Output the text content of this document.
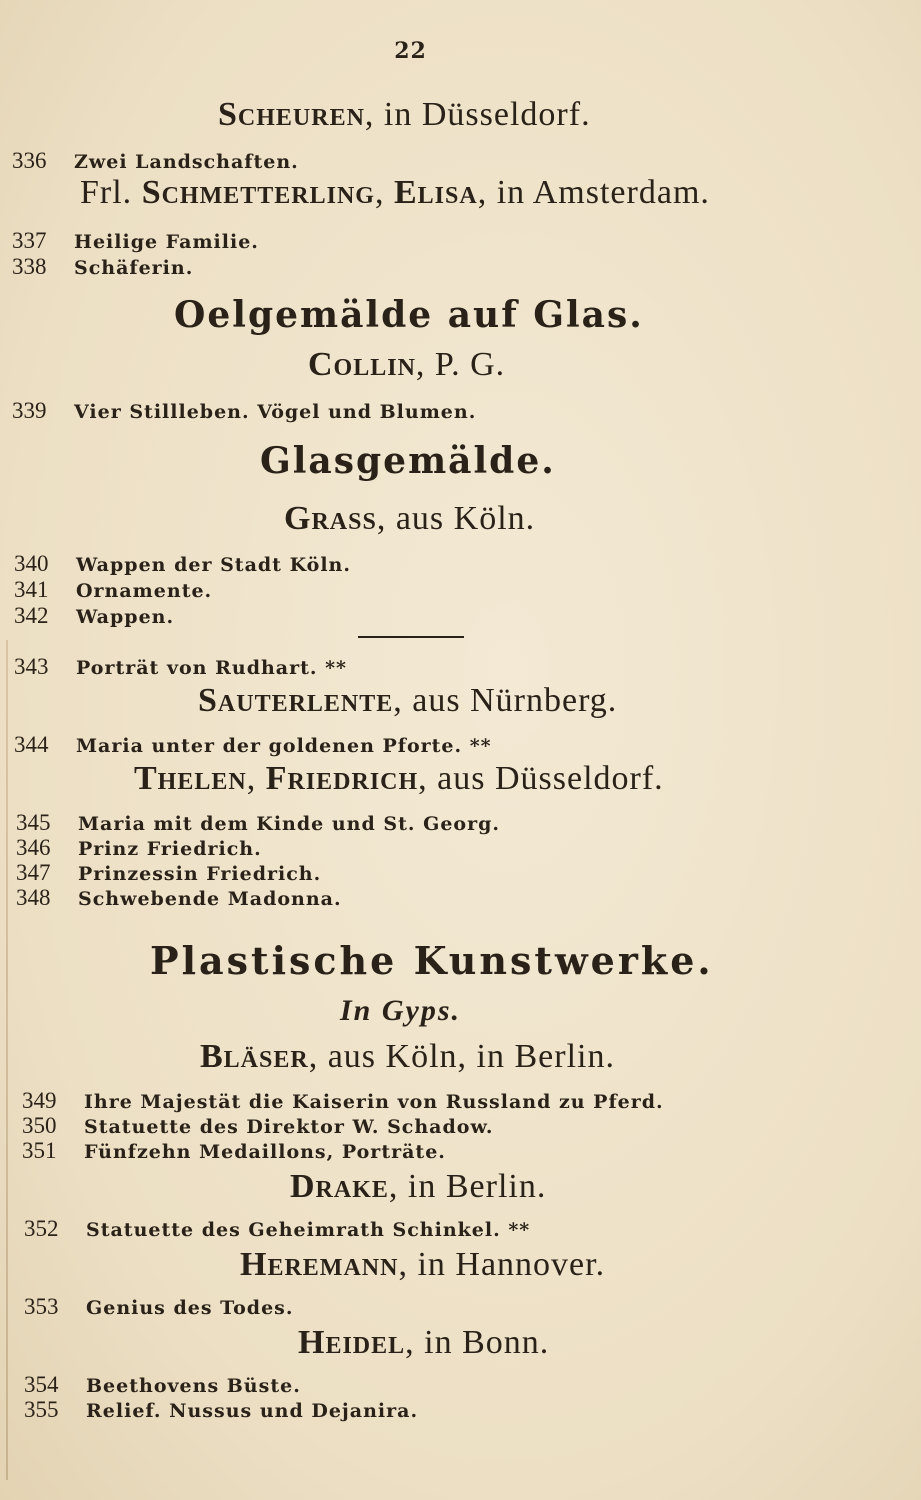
22
Scheuren, in Düsseldorf.
336	Zwei Landschaften.
Frl. Schmetterling, Elisa, in Amsterdam.
337	Heilige Familie.
338	Schäferin.
Oelgemälde auf Glas.
Collin, P. G.
339	Vier Stillleben. Vögel und Blumen.
Glasgemälde.
Grass, aus Köln.
340	Wappen der Stadt Köln.
341	Ornamente.
342	Wappen.
343	Porträt von Rudhart. **
Sauterlente, aus Nürnberg.
344	Maria unter der goldenen Pforte. **
Thelen, Friedrich, aus Düsseldorf.
345	Maria mit dem Kinde und St. Georg.
346	Prinz Friedrich.
347	Prinzessin Friedrich.
348	Schwebende Madonna.
Plastische Kunstwerke.
In Gyps.
Bläser, aus Köln, in Berlin.
349	Ihre Majestät die Kaiserin von Russland zu Pferd.
350	Statuette des Direktor W. Schadow.
351	Fünfzehn Medaillons, Porträte.
Drake, in Berlin.
352	Statuette des Geheimrath Schinkel. **
Heremann, in Hannover.
353	Genius des Todes.
Heidel, in Bonn.
354	Beethovens Büste.
355	Relief. Nussus und Dejanira.
